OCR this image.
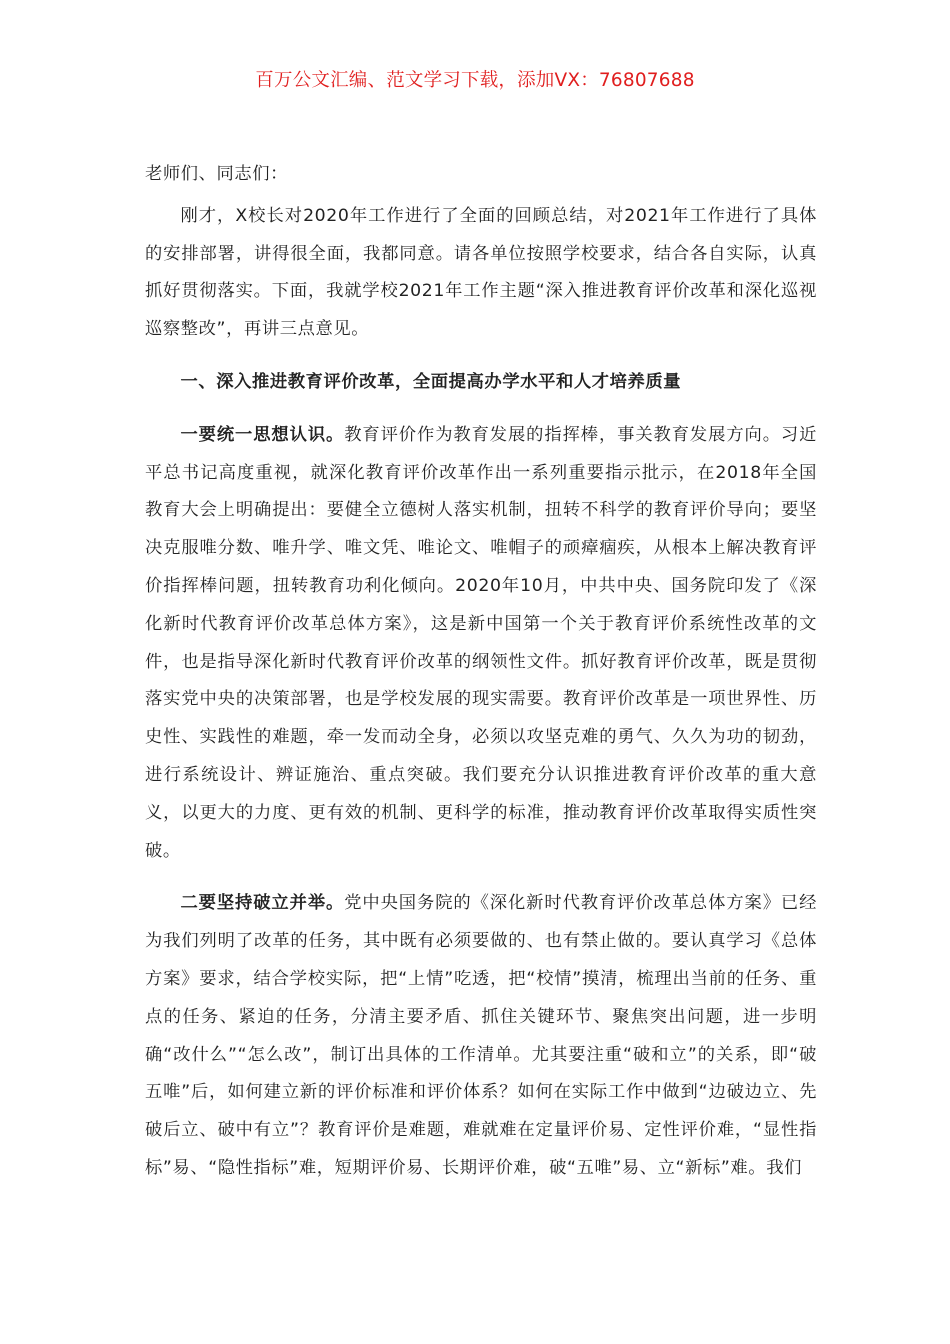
百万公文汇编、范文学习下载，添加VX：76807688

老师们、同志们：

刚才，X校长对2020年工作进行了全面的回顾总结，对2021年工作进行了具体的安排部署，讲得很全面，我都同意。请各单位按照学校要求，结合各自实际，认真抓好贯彻落实。下面，我就学校2021年工作主题“深入推进教育评价改革和深化巡视巡察整改”，再讲三点意见。

一、深入推进教育评价改革，全面提高办学水平和人才培养质量

一要统一思想认识。教育评价作为教育发展的指挥棒，事关教育发展方向。习近平总书记高度重视，就深化教育评价改革作出一系列重要指示批示，在2018年全国教育大会上明确提出：要健全立德树人落实机制，扭转不科学的教育评价导向；要坚决克服唯分数、唯升学、唯文凭、唯论文、唯帽子的顽瘴痼疾，从根本上解决教育评价指挥棒问题，扭转教育功利化倾向。2020年10月，中共中央、国务院印发了《深化新时代教育评价改革总体方案》，这是新中国第一个关于教育评价系统性改革的文件，也是指导深化新时代教育评价改革的纲领性文件。抓好教育评价改革，既是贯彻落实党中央的决策部署，也是学校发展的现实需要。教育评价改革是一项世界性、历史性、实践性的难题，牵一发而动全身，必须以攻坚克难的勇气、久久为功的韧劲，进行系统设计、辨证施治、重点突破。我们要充分认识推进教育评价改革的重大意义，以更大的力度、更有效的机制、更科学的标准，推动教育评价改革取得实质性突破。

二要坚持破立并举。党中央国务院的《深化新时代教育评价改革总体方案》已经为我们列明了改革的任务，其中既有必须要做的、也有禁止做的。要认真学习《总体方案》要求，结合学校实际，把“上情”吃透，把“校情”摸清，梳理出当前的任务、重点的任务、紧迫的任务，分清主要矛盾、抓住关键环节、聚焦突出问题，进一步明确“改什么”“怎么改”，制订出具体的工作清单。尤其要注重“破和立”的关系，即“破五唯”后，如何建立新的评价标准和评价体系？如何在实际工作中做到“边破边立、先破后立、破中有立”？教育评价是难题，难就难在定量评价易、定性评价难，“显性指标”易、“隐性指标”难，短期评价易、长期评价难，破“五唯”易、立“新标”难。我们
